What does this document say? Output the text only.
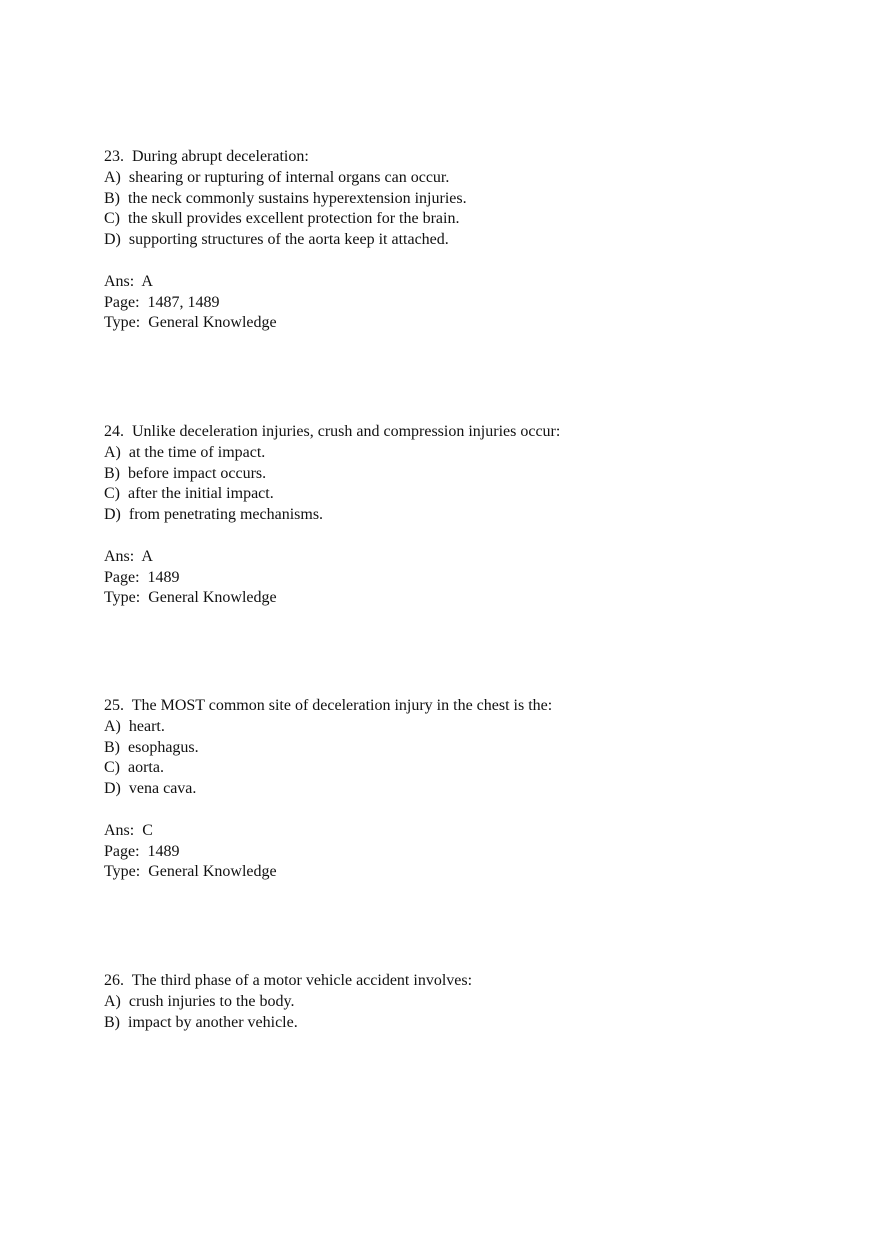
23.  During abrupt deceleration:
A)  shearing or rupturing of internal organs can occur.
B)  the neck commonly sustains hyperextension injuries.
C)  the skull provides excellent protection for the brain.
D)  supporting structures of the aorta keep it attached.
Ans:  A
Page:  1487, 1489
Type:  General Knowledge
24.  Unlike deceleration injuries, crush and compression injuries occur:
A)  at the time of impact.
B)  before impact occurs.
C)  after the initial impact.
D)  from penetrating mechanisms.
Ans:  A
Page:  1489
Type:  General Knowledge
25.  The MOST common site of deceleration injury in the chest is the:
A)  heart.
B)  esophagus.
C)  aorta.
D)  vena cava.
Ans:  C
Page:  1489
Type:  General Knowledge
26.  The third phase of a motor vehicle accident involves:
A)  crush injuries to the body.
B)  impact by another vehicle.
